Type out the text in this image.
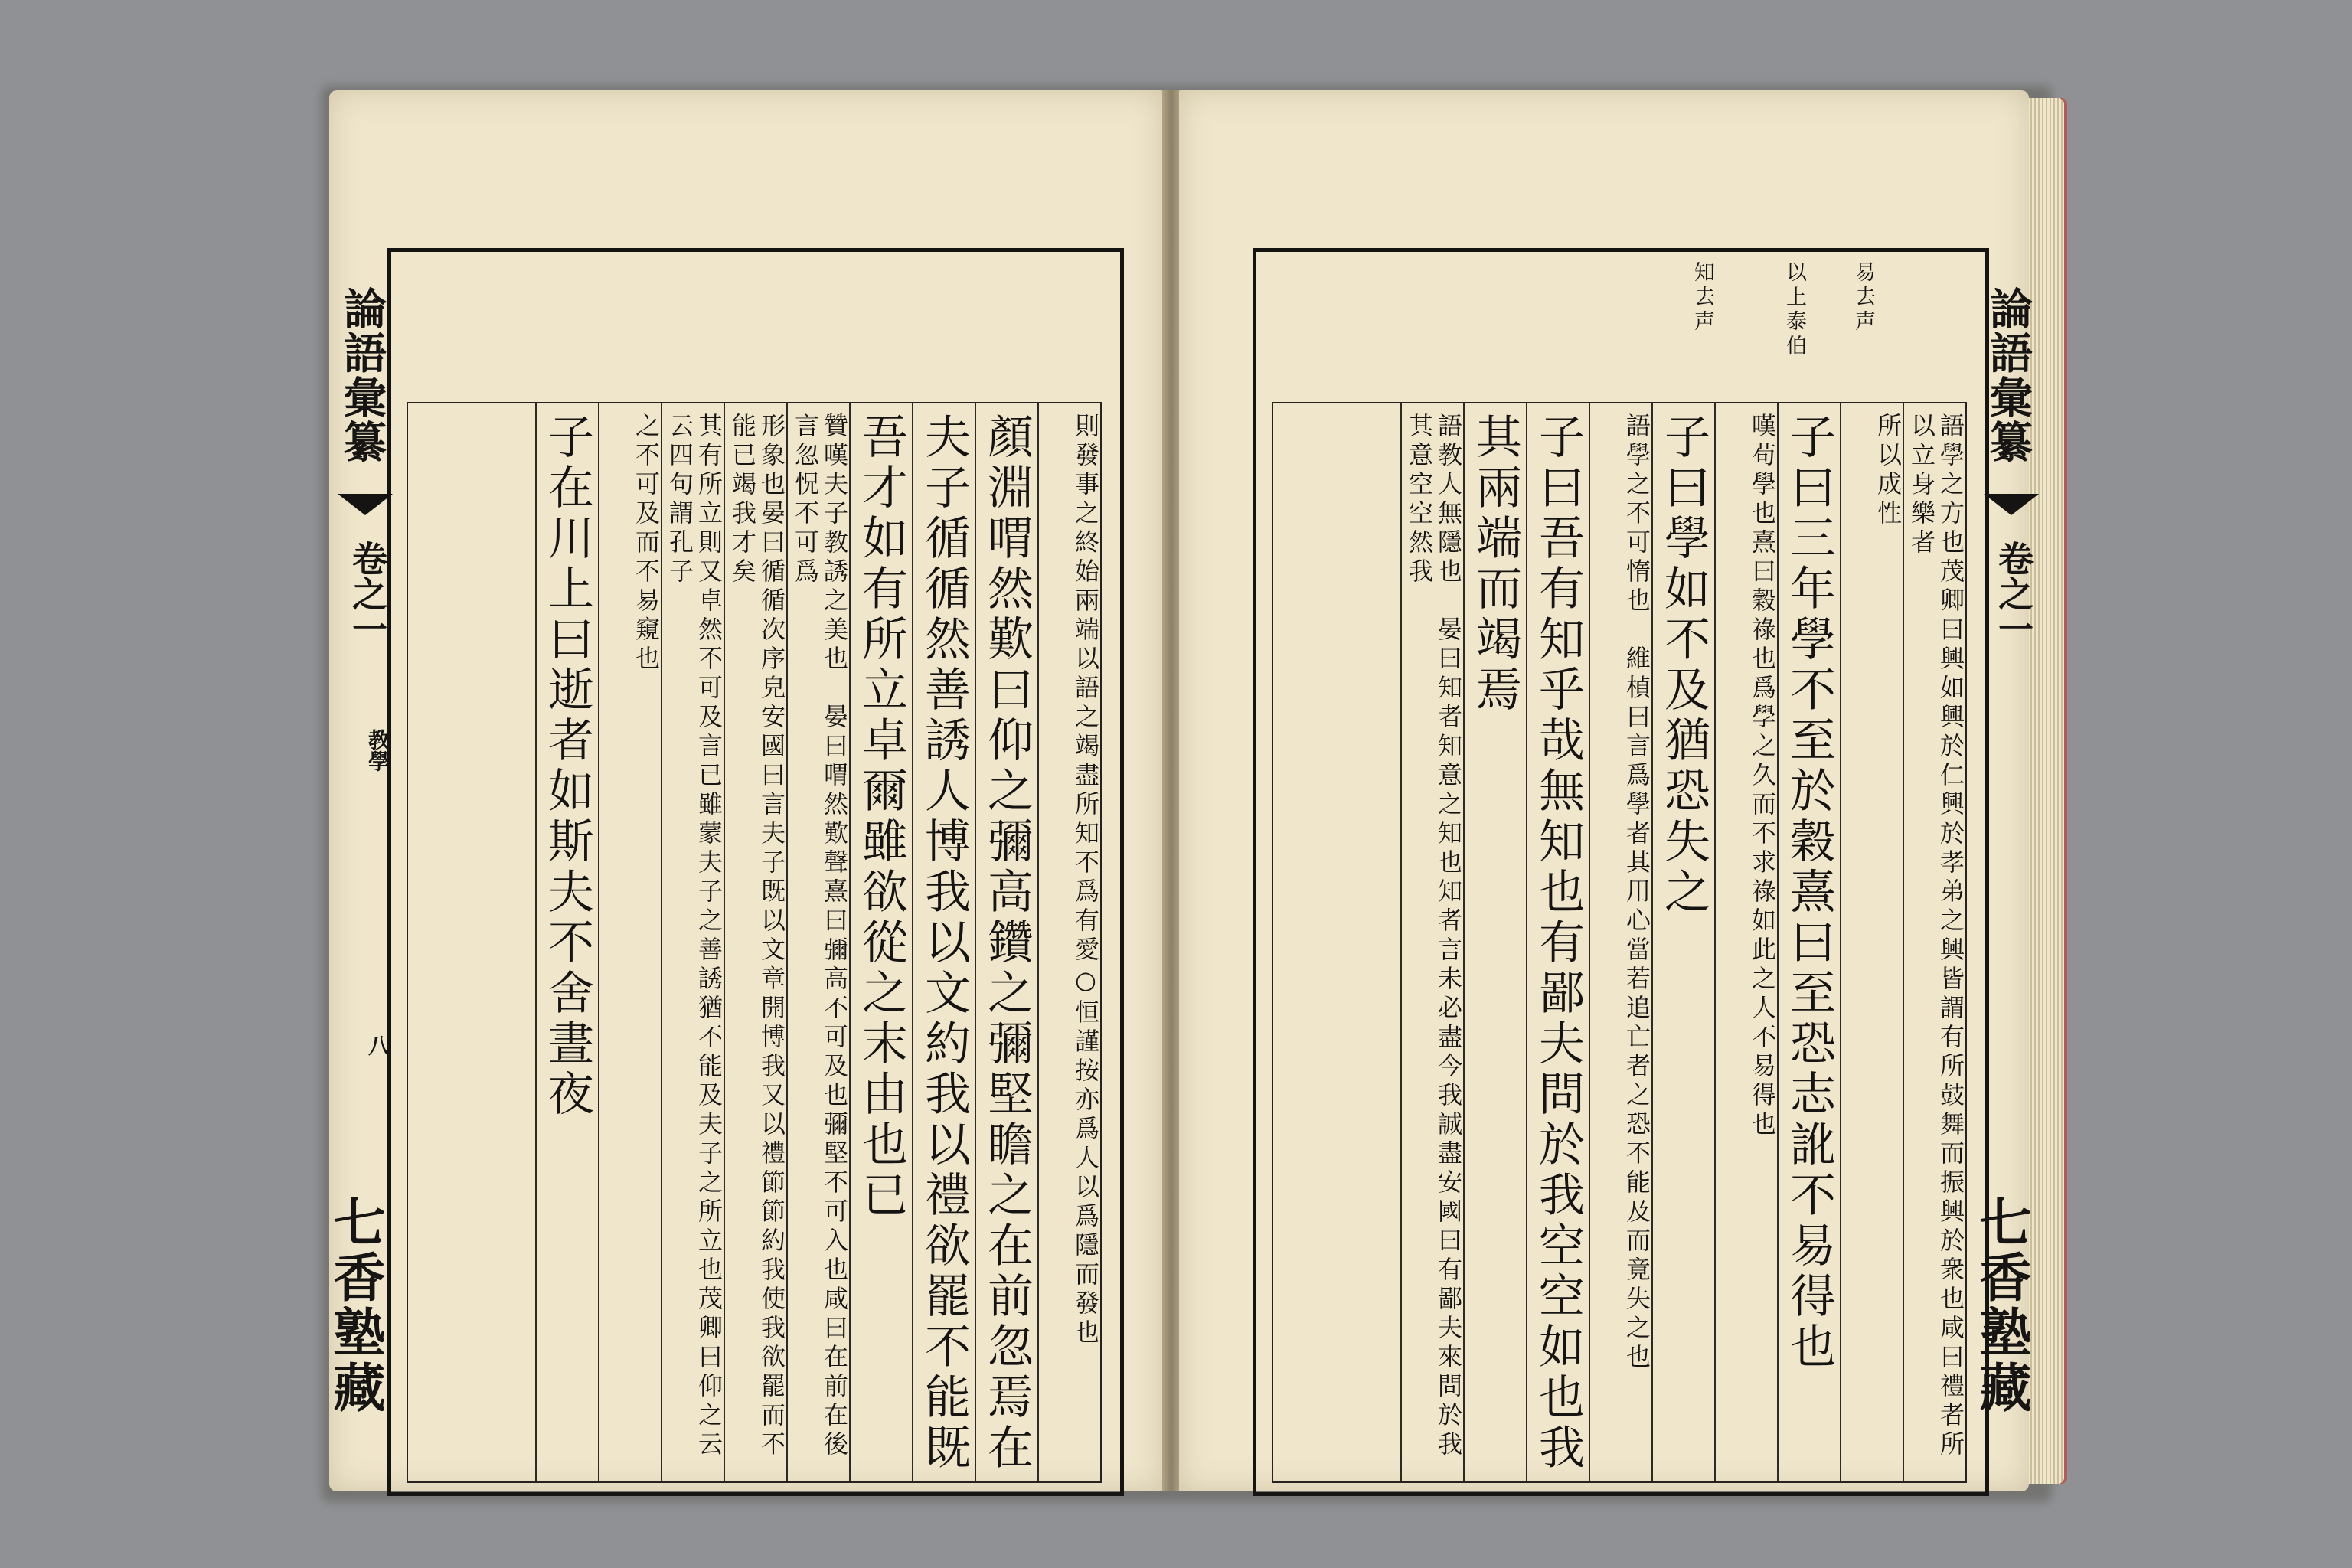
論語彙纂
卷之一
教學
八
七香塾藏	則發事之終始兩端以語之竭盡所知不爲有愛○恒謹按亦爲人以爲隱而發也
顏淵喟然歎曰仰之彌高鑽之彌堅瞻之在前忽焉在
夫子循循然善誘人博我以文約我以禮欲罷不能既
吾才如有所立卓爾雖欲從之末由也已
贊嘆夫子教誘之美也　晏曰喟然歎聲熹曰彌高不可及也彌堅不可入也咸曰在前在後言忽怳不可爲
形象也晏曰循循次序皃安國曰言夫子既以文章開博我又以禮節節約我使我欲罷而不能已竭我才矣
其有所立則又卓然不可及言已雖蒙夫子之善誘猶不能及夫子之所立也茂卿曰仰之云云四句謂孔子
之不可及而不易窺也
子在川上曰逝者如斯夫不舍晝夜
論語彙纂
卷之一
七香塾藏
易去声
以上泰伯
知去声
語學之方也茂卿曰興如興於仁興於孝弟之興皆謂有所鼓舞而振興於衆也咸曰禮者所以立身樂者
所以成性
子曰三年學不至於穀熹曰至恐志訛不易得也
嘆苟學也熹曰穀祿也爲學之久而不求祿如此之人不易得也
子曰學如不及猶恐失之
語學之不可惰也　維楨曰言爲學者其用心當若追亡者之恐不能及而竟失之也
子曰吾有知乎哉無知也有鄙夫問於我空空如也我
其兩端而竭焉
語教人無隱也　晏曰知者知意之知也知者言未必盡今我誠盡安國曰有鄙夫來問於我其意空空然我
